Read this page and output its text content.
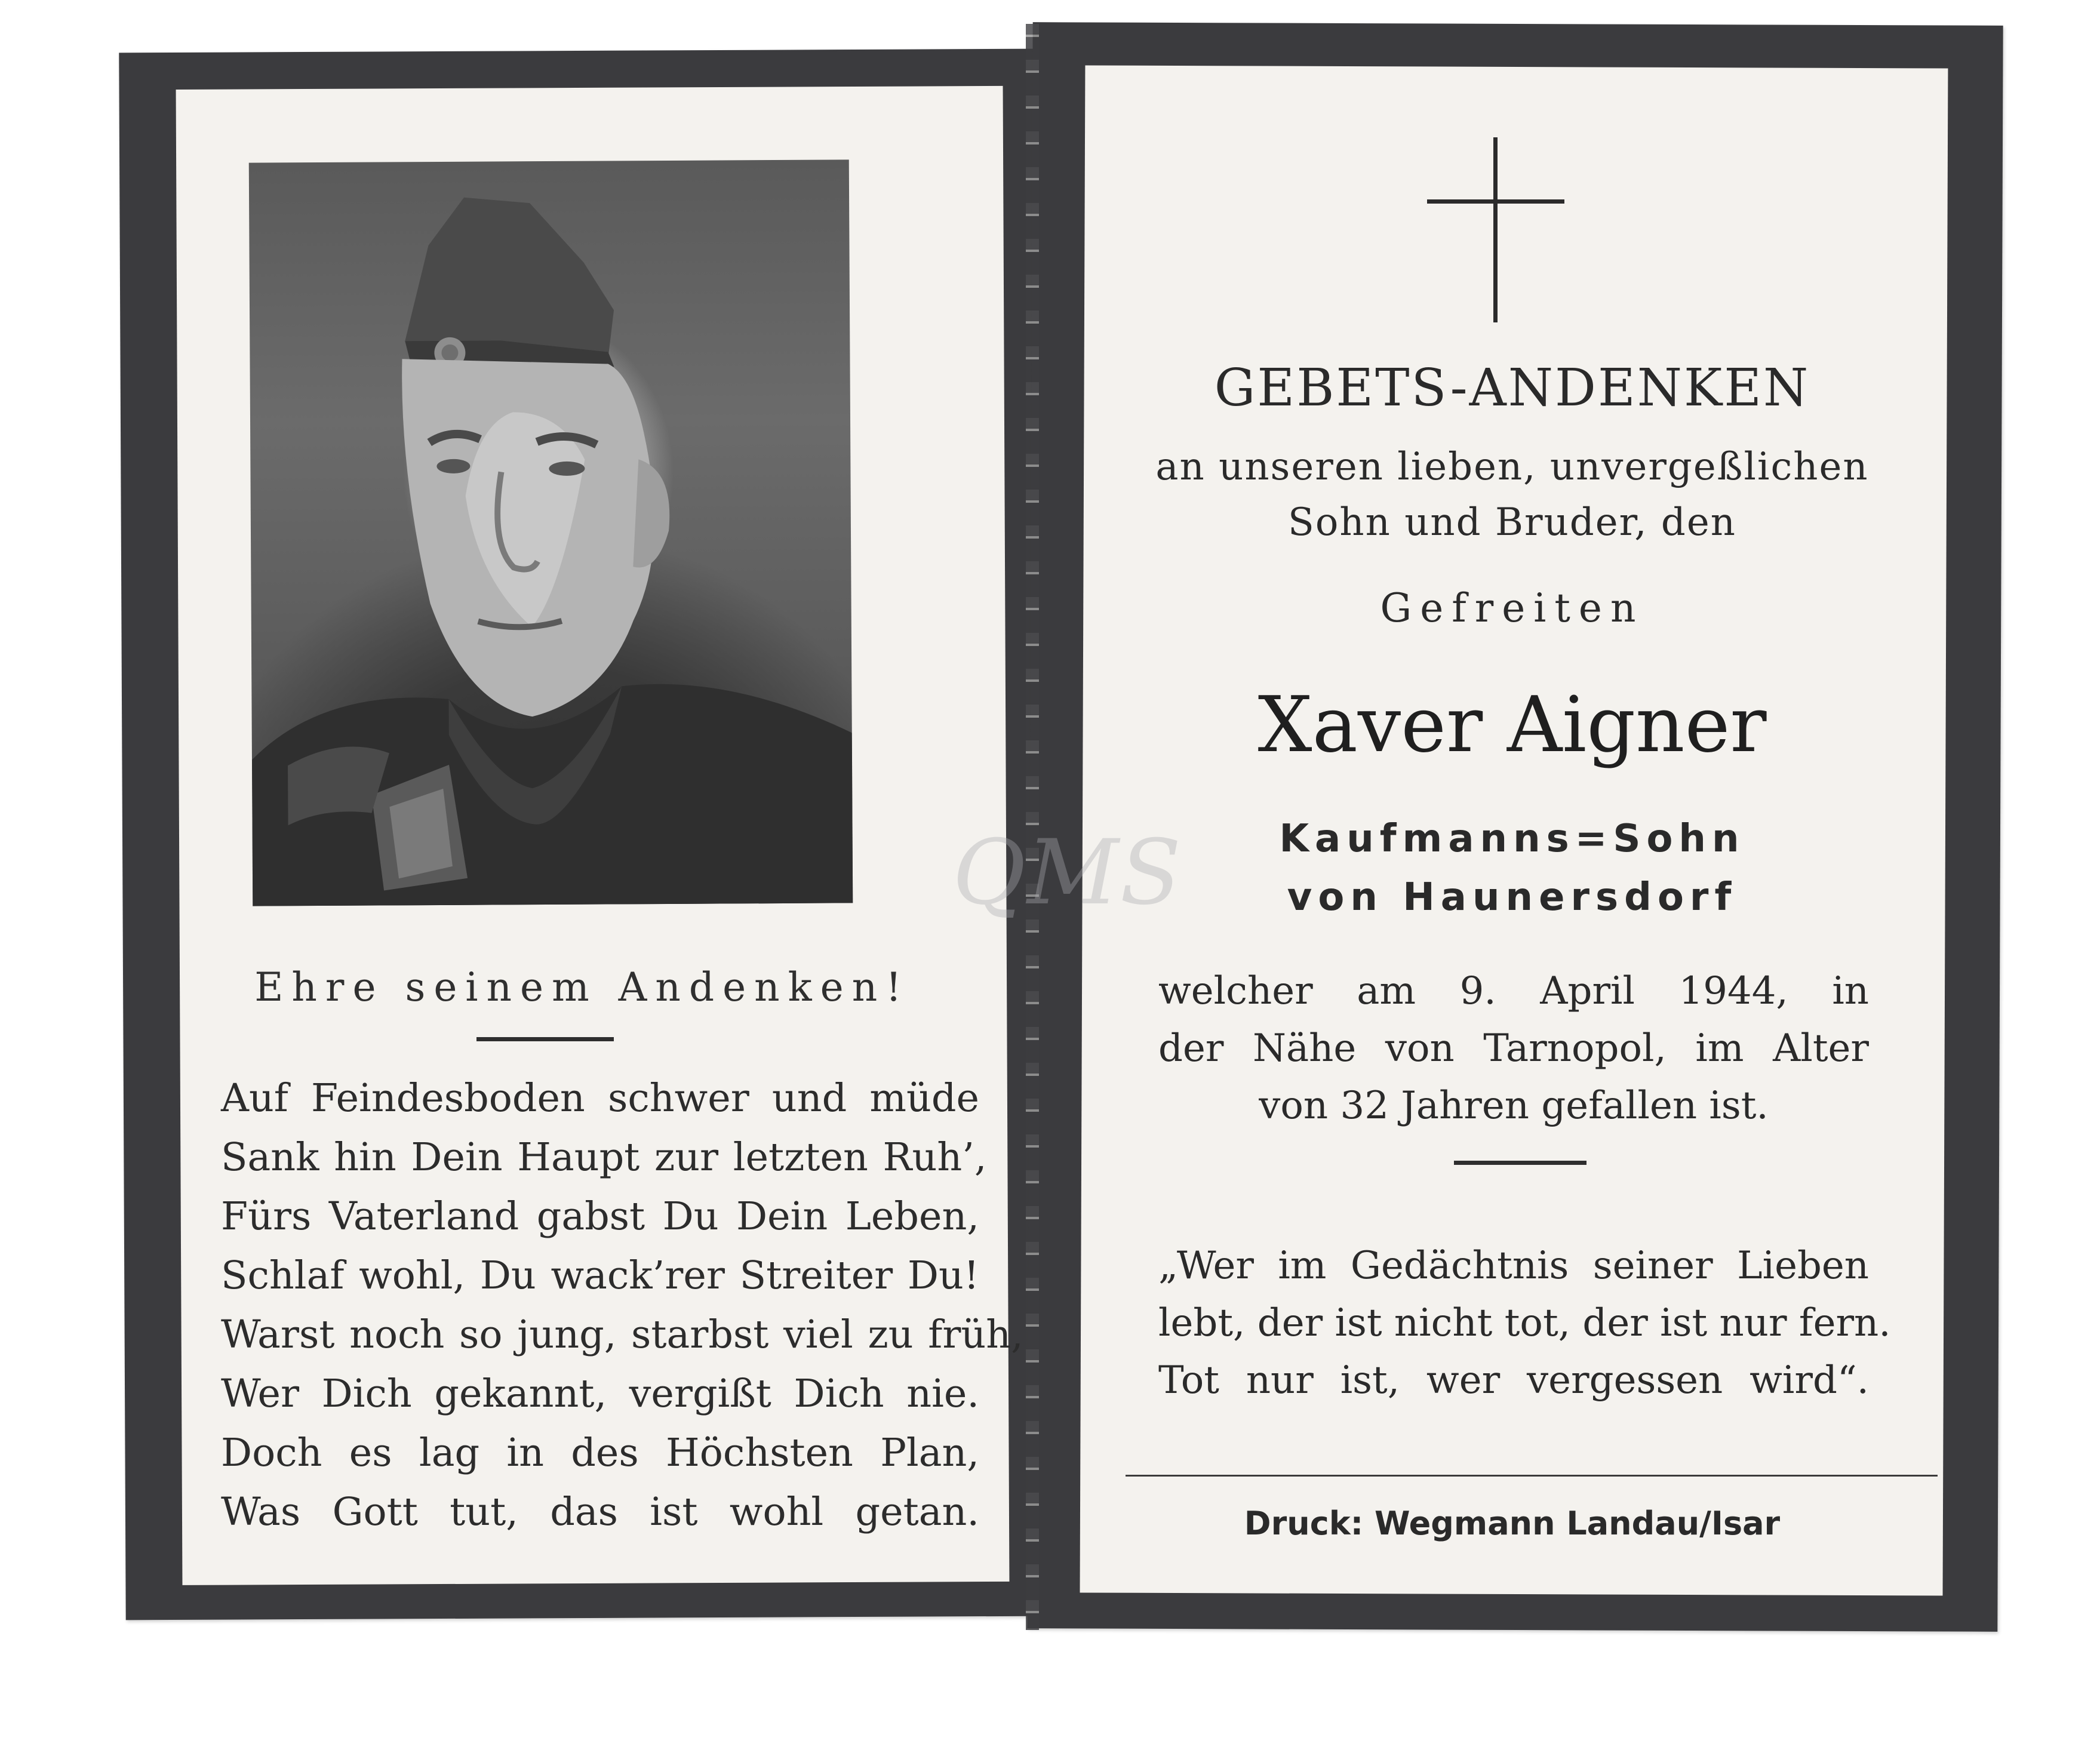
Ehre seinem Andenken!
Auf Feindesboden schwer und müde
Sank hin Dein Haupt zur letzten Ruh’,
Fürs Vaterland gabst Du Dein Leben,
Schlaf wohl, Du wack’rer Streiter Du!
Warst noch so jung, starbst viel zu früh,
Wer Dich gekannt, vergißt Dich nie.
Doch es lag in des Höchsten Plan,
Was Gott tut, das ist wohl getan.
GEBETS-ANDENKEN
an unseren lieben, unvergeßlichen
Sohn und Bruder, den
Gefreiten
Xaver Aigner
Kaufmanns=Sohn
von Haunersdorf
welcher am 9. April 1944, in
der Nähe von Tarnopol, im Alter
von 32 Jahren gefallen ist.
„Wer im Gedächtnis seiner Lieben
lebt, der ist nicht tot, der ist nur fern.
Tot nur ist, wer vergessen wird“.
Druck: Wegmann Landau/Isar
QMS
